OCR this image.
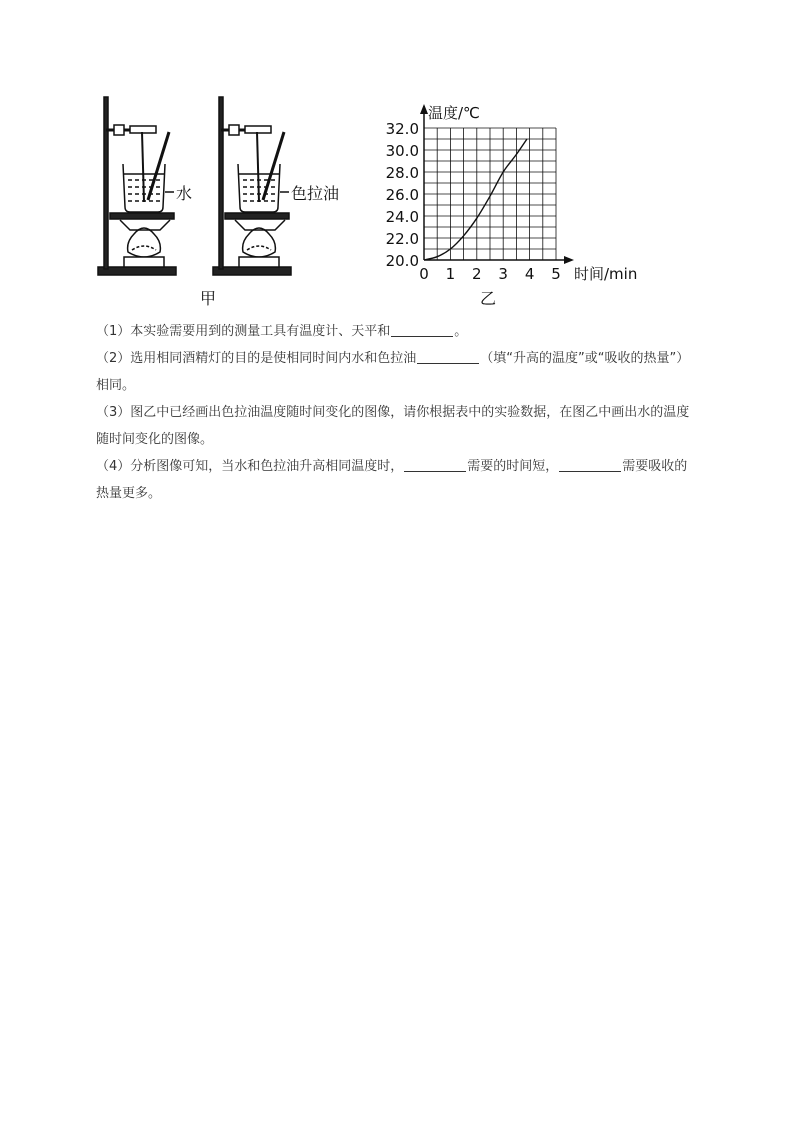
水	色拉油
甲
20.0
22.0
24.0
26.0
28.0
30.0
32.0
0 1 2 3 4 5
温度/℃
时间/min
乙

（1）本实验需要用到的测量工具有温度计、天平和	。

（2）选用相同酒精灯的目的是使相同时间内水和色拉油	（填“升高的温度”或“吸收的热量”）相同。

（3）图乙中已经画出色拉油温度随时间变化的图像，请你根据表中的实验数据，在图乙中画出水的温度随时间变化的图像。

（4）分析图像可知，当水和色拉油升高相同温度时，	需要的时间短，	需要吸收的热量更多。
